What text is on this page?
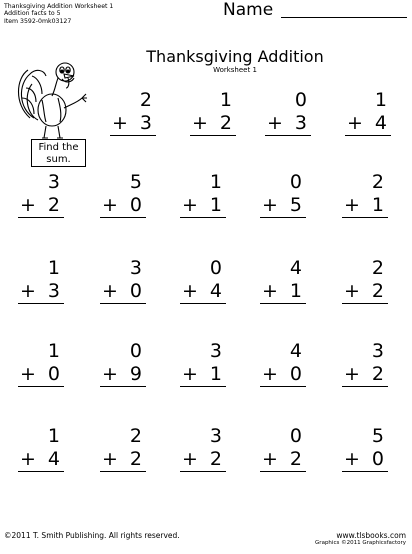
Thanksgiving Addition Worksheet 1
Addition facts to 5
Item 3592-0mk03127
Name
Thanksgiving Addition
Worksheet 1
Find the sum.
2
+ 3
1
+ 2
0
+ 3
1
+ 4
3
+ 2
5
+ 0
1
+ 1
0
+ 5
2
+ 1
1
+ 3
3
+ 0
0
+ 4
4
+ 1
2
+ 2
1
+ 0
0
+ 9
3
+ 1
4
+ 0
3
+ 2
1
+ 4
2
+ 2
3
+ 2
0
+ 2
5
+ 0
©2011 T. Smith Publishing. All rights reserved.	www.tlsbooks.com
Graphics ©2011 Graphicsfactory
